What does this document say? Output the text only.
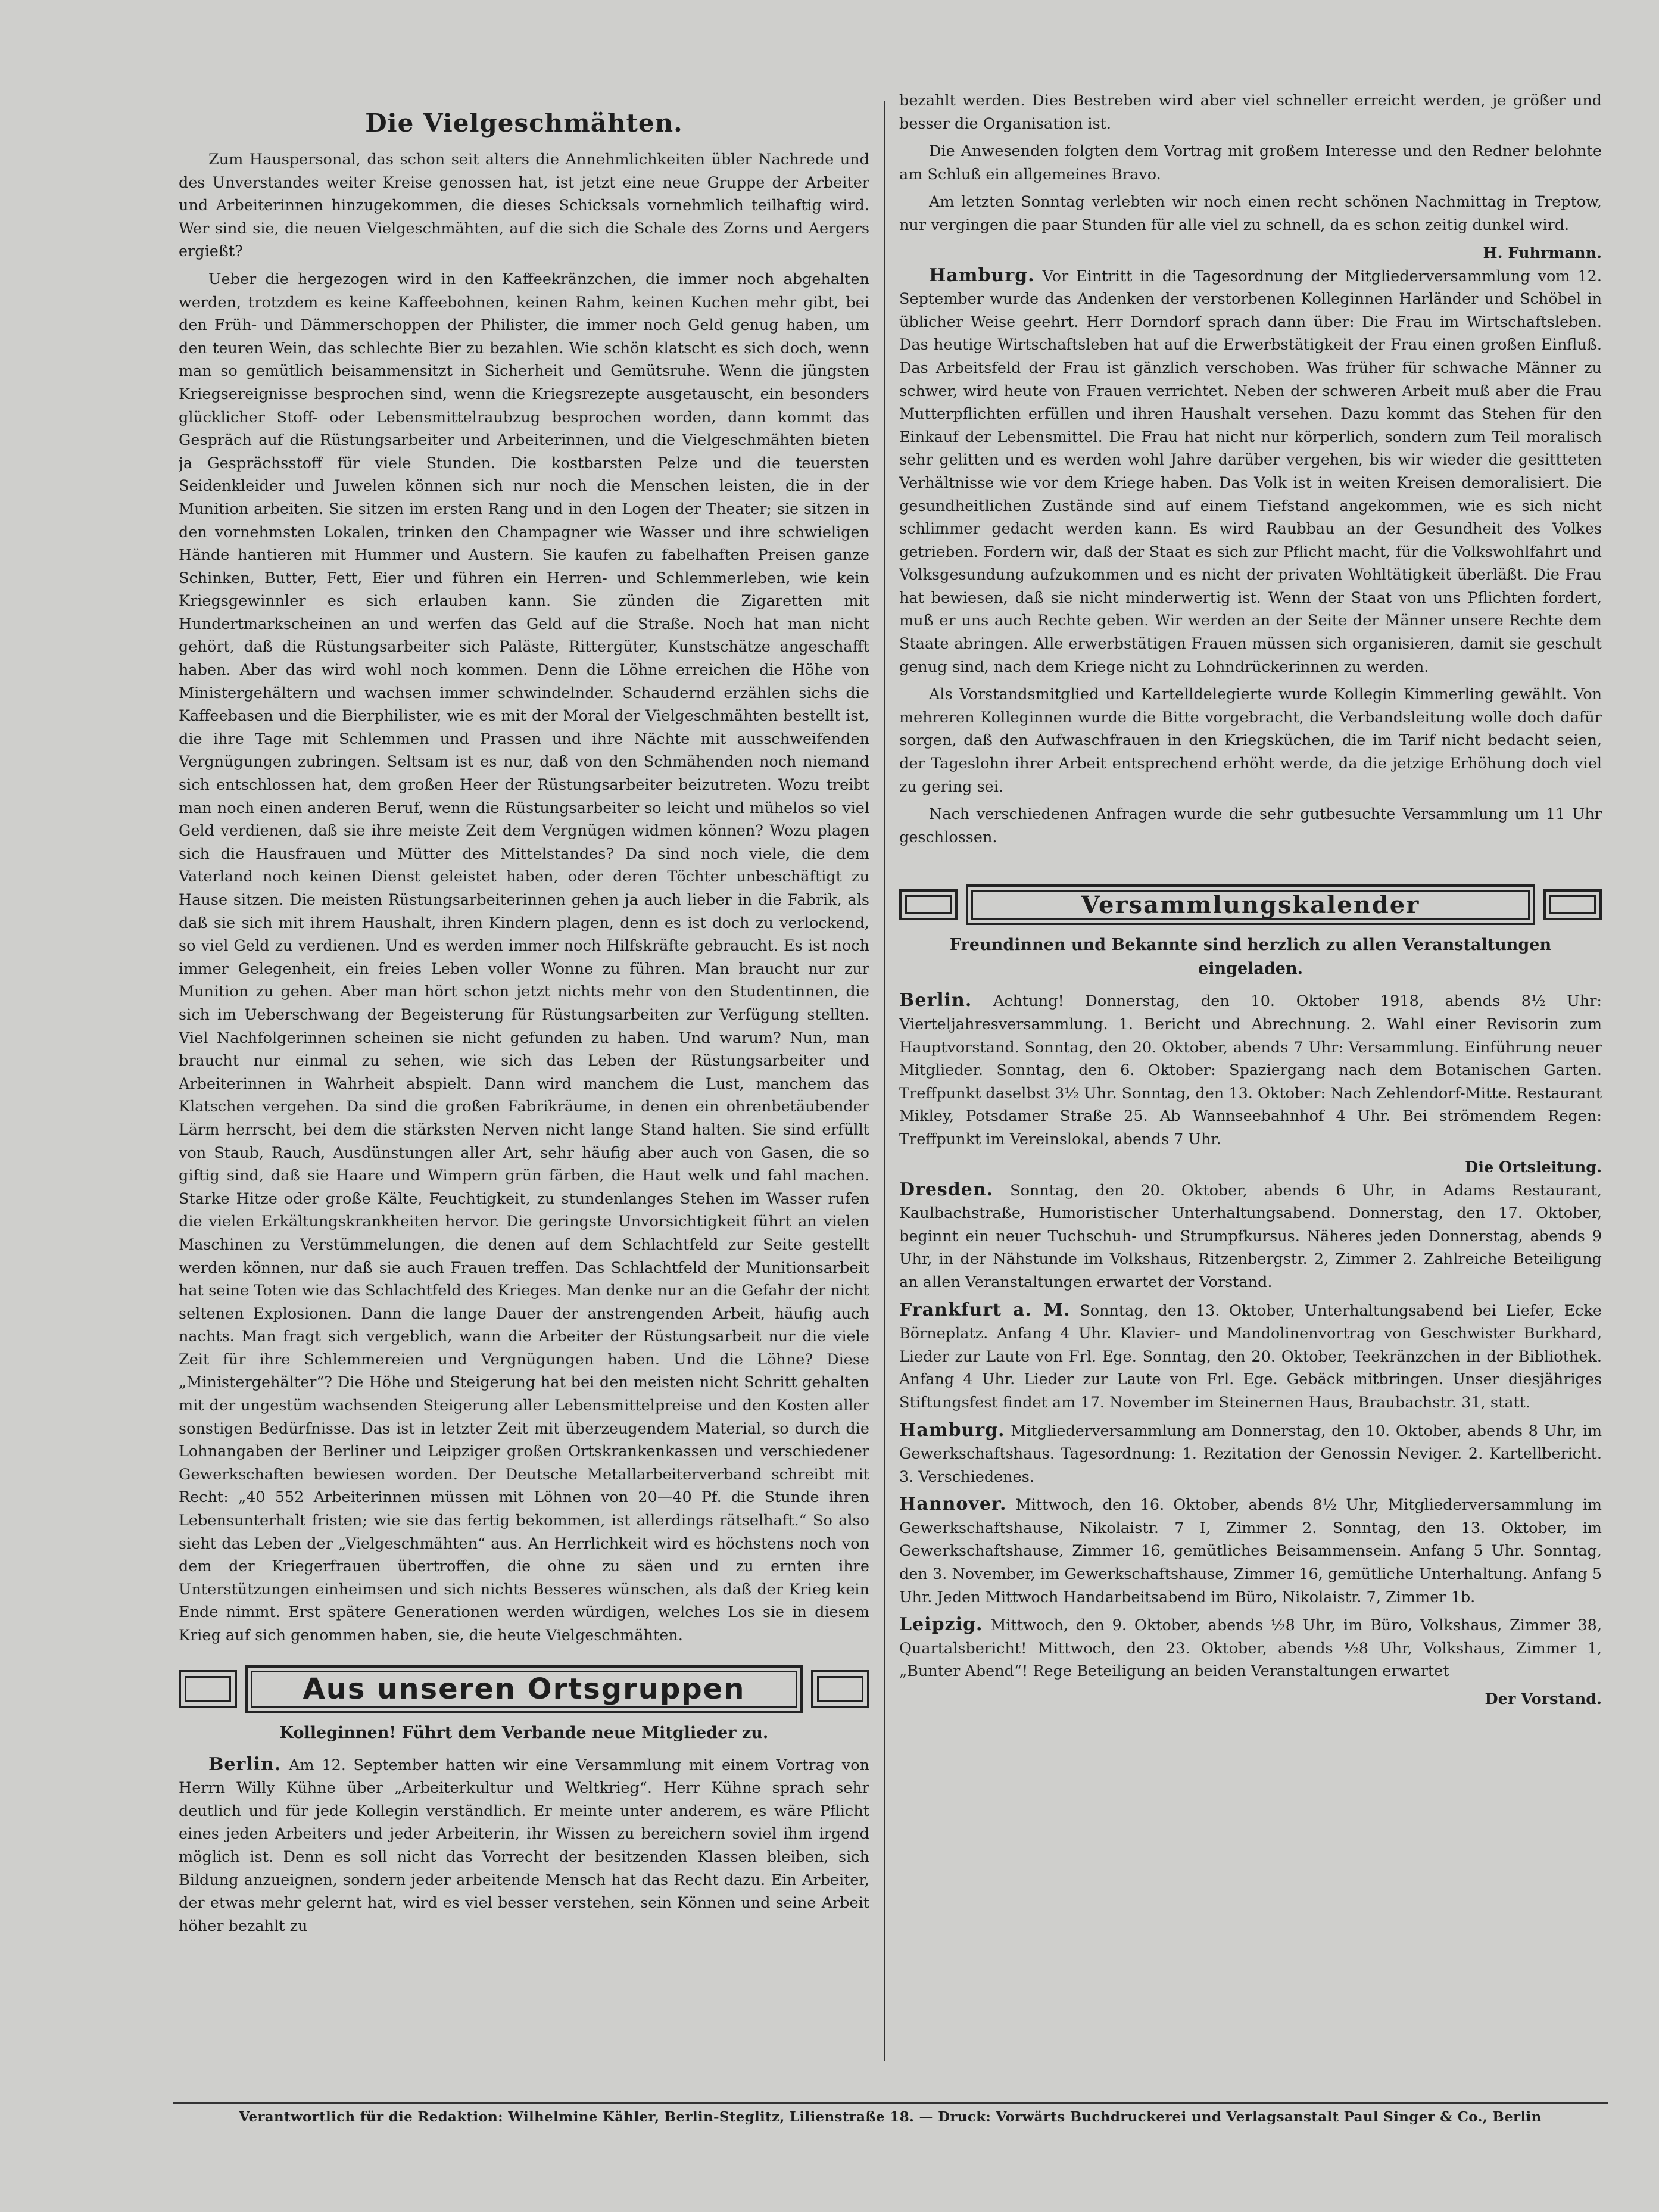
Die Vielgeschmähten.

Zum Hauspersonal, das schon seit alters die Annehmlichkeiten übler Nachrede und des Unverstandes weiter Kreise genossen hat, ist jetzt eine neue Gruppe der Arbeiter und Arbeiterinnen hinzugekommen, die dieses Schicksals vornehmlich teilhaftig wird. Wer sind sie, die neuen Vielgeschmähten, auf die sich die Schale des Zorns und Aergers ergießt?

Ueber die hergezogen wird in den Kaffeekränzchen, die immer noch abgehalten werden, trotzdem es keine Kaffeebohnen, keinen Rahm, keinen Kuchen mehr gibt, bei den Früh- und Dämmerschoppen der Philister, die immer noch Geld genug haben, um den teuren Wein, das schlechte Bier zu bezahlen. Wie schön klatscht es sich doch, wenn man so gemütlich beisammensitzt in Sicherheit und Gemütsruhe. Wenn die jüngsten Kriegsereignisse besprochen sind, wenn die Kriegsrezepte ausgetauscht, ein besonders glücklicher Stoff- oder Lebensmittelraubzug besprochen worden, dann kommt das Gespräch auf die Rüstungsarbeiter und Arbeiterinnen, und die Vielgeschmähten bieten ja Gesprächsstoff für viele Stunden. Die kostbarsten Pelze und die teuersten Seidenkleider und Juwelen können sich nur noch die Menschen leisten, die in der Munition arbeiten. Sie sitzen im ersten Rang und in den Logen der Theater; sie sitzen in den vornehmsten Lokalen, trinken den Champagner wie Wasser und ihre schwieligen Hände hantieren mit Hummer und Austern. Sie kaufen zu fabelhaften Preisen ganze Schinken, Butter, Fett, Eier und führen ein Herren- und Schlemmerleben, wie kein Kriegsgewinnler es sich erlauben kann. Sie zünden die Zigaretten mit Hundertmarkscheinen an und werfen das Geld auf die Straße. Noch hat man nicht gehört, daß die Rüstungsarbeiter sich Paläste, Rittergüter, Kunstschätze angeschafft haben. Aber das wird wohl noch kommen. Denn die Löhne erreichen die Höhe von Ministergehältern und wachsen immer schwindelnder. Schaudernd erzählen sichs die Kaffeebasen und die Bierphilister, wie es mit der Moral der Vielgeschmähten bestellt ist, die ihre Tage mit Schlemmen und Prassen und ihre Nächte mit ausschweifenden Vergnügungen zubringen. Seltsam ist es nur, daß von den Schmähenden noch niemand sich entschlossen hat, dem großen Heer der Rüstungsarbeiter beizutreten. Wozu treibt man noch einen anderen Beruf, wenn die Rüstungsarbeiter so leicht und mühelos so viel Geld verdienen, daß sie ihre meiste Zeit dem Vergnügen widmen können? Wozu plagen sich die Hausfrauen und Mütter des Mittelstandes? Da sind noch viele, die dem Vaterland noch keinen Dienst geleistet haben, oder deren Töchter unbeschäftigt zu Hause sitzen. Die meisten Rüstungsarbeiterinnen gehen ja auch lieber in die Fabrik, als daß sie sich mit ihrem Haushalt, ihren Kindern plagen, denn es ist doch zu verlockend, so viel Geld zu verdienen. Und es werden immer noch Hilfskräfte gebraucht. Es ist noch immer Gelegenheit, ein freies Leben voller Wonne zu führen. Man braucht nur zur Munition zu gehen. Aber man hört schon jetzt nichts mehr von den Studentinnen, die sich im Ueberschwang der Begeisterung für Rüstungsarbeiten zur Verfügung stellten. Viel Nachfolgerinnen scheinen sie nicht gefunden zu haben. Und warum? Nun, man braucht nur einmal zu sehen, wie sich das Leben der Rüstungsarbeiter und Arbeiterinnen in Wahrheit abspielt. Dann wird manchem die Lust, manchem das Klatschen vergehen. Da sind die großen Fabrikräume, in denen ein ohrenbetäubender Lärm herrscht, bei dem die stärksten Nerven nicht lange Stand halten. Sie sind erfüllt von Staub, Rauch, Ausdünstungen aller Art, sehr häufig aber auch von Gasen, die so giftig sind, daß sie Haare und Wimpern grün färben, die Haut welk und fahl machen. Starke Hitze oder große Kälte, Feuchtigkeit, zu stundenlanges Stehen im Wasser rufen die vielen Erkältungskrankheiten hervor. Die geringste Unvorsichtigkeit führt an vielen Maschinen zu Verstümmelungen, die denen auf dem Schlachtfeld zur Seite gestellt werden können, nur daß sie auch Frauen treffen. Das Schlachtfeld der Munitionsarbeit hat seine Toten wie das Schlachtfeld des Krieges. Man denke nur an die Gefahr der nicht seltenen Explosionen. Dann die lange Dauer der anstrengenden Arbeit, häufig auch nachts. Man fragt sich vergeblich, wann die Arbeiter der Rüstungsarbeit nur die viele Zeit für ihre Schlemmereien und Vergnügungen haben. Und die Löhne? Diese „Ministergehälter“? Die Höhe und Steigerung hat bei den meisten nicht Schritt gehalten mit der ungestüm wachsenden Steigerung aller Lebensmittelpreise und den Kosten aller sonstigen Bedürfnisse. Das ist in letzter Zeit mit überzeugendem Material, so durch die Lohnangaben der Berliner und Leipziger großen Ortskrankenkassen und verschiedener Gewerkschaften bewiesen worden. Der Deutsche Metallarbeiterverband schreibt mit Recht: „40 552 Arbeiterinnen müssen mit Löhnen von 20—40 Pf. die Stunde ihren Lebensunterhalt fristen; wie sie das fertig bekommen, ist allerdings rätselhaft.“ So also sieht das Leben der „Vielgeschmähten“ aus. An Herrlichkeit wird es höchstens noch von dem der Kriegerfrauen übertroffen, die ohne zu säen und zu ernten ihre Unterstützungen einheimsen und sich nichts Besseres wünschen, als daß der Krieg kein Ende nimmt. Erst spätere Generationen werden würdigen, welches Los sie in diesem Krieg auf sich genommen haben, sie, die heute Vielgeschmähten.

Aus unseren Ortsgruppen
Kolleginnen! Führt dem Verbande neue Mitglieder zu.

Berlin. Am 12. September hatten wir eine Versammlung mit einem Vortrag von Herrn Willy Kühne über „Arbeiterkultur und Weltkrieg“. Herr Kühne sprach sehr deutlich und für jede Kollegin verständlich. Er meinte unter anderem, es wäre Pflicht eines jeden Arbeiters und jeder Arbeiterin, ihr Wissen zu bereichern soviel ihm irgend möglich ist. Denn es soll nicht das Vorrecht der besitzenden Klassen bleiben, sich Bildung anzueignen, sondern jeder arbeitende Mensch hat das Recht dazu. Ein Arbeiter, der etwas mehr gelernt hat, wird es viel besser verstehen, sein Können und seine Arbeit höher bezahlt zu

bezahlt werden. Dies Bestreben wird aber viel schneller erreicht werden, je größer und besser die Organisation ist.

Die Anwesenden folgten dem Vortrag mit großem Interesse und den Redner belohnte am Schluß ein allgemeines Bravo.

Am letzten Sonntag verlebten wir noch einen recht schönen Nachmittag in Treptow, nur vergingen die paar Stunden für alle viel zu schnell, da es schon zeitig dunkel wird.

H. Fuhrmann.

Hamburg. Vor Eintritt in die Tagesordnung der Mitgliederversammlung vom 12. September wurde das Andenken der verstorbenen Kolleginnen Harländer und Schöbel in üblicher Weise geehrt. Herr Dorndorf sprach dann über: Die Frau im Wirtschaftsleben. Das heutige Wirtschaftsleben hat auf die Erwerbstätigkeit der Frau einen großen Einfluß. Das Arbeitsfeld der Frau ist gänzlich verschoben. Was früher für schwache Männer zu schwer, wird heute von Frauen verrichtet. Neben der schweren Arbeit muß aber die Frau Mutterpflichten erfüllen und ihren Haushalt versehen. Dazu kommt das Stehen für den Einkauf der Lebensmittel. Die Frau hat nicht nur körperlich, sondern zum Teil moralisch sehr gelitten und es werden wohl Jahre darüber vergehen, bis wir wieder die gesittteten Verhältnisse wie vor dem Kriege haben. Das Volk ist in weiten Kreisen demoralisiert. Die gesundheitlichen Zustände sind auf einem Tiefstand angekommen, wie es sich nicht schlimmer gedacht werden kann. Es wird Raubbau an der Gesundheit des Volkes getrieben. Fordern wir, daß der Staat es sich zur Pflicht macht, für die Volkswohlfahrt und Volksgesundung aufzukommen und es nicht der privaten Wohltätigkeit überläßt. Die Frau hat bewiesen, daß sie nicht minderwertig ist. Wenn der Staat von uns Pflichten fordert, muß er uns auch Rechte geben. Wir werden an der Seite der Männer unsere Rechte dem Staate abringen. Alle erwerbstätigen Frauen müssen sich organisieren, damit sie geschult genug sind, nach dem Kriege nicht zu Lohndrückerinnen zu werden.

Als Vorstandsmitglied und Kartelldelegierte wurde Kollegin Kimmerling gewählt. Von mehreren Kolleginnen wurde die Bitte vorgebracht, die Verbandsleitung wolle doch dafür sorgen, daß den Aufwaschfrauen in den Kriegsküchen, die im Tarif nicht bedacht seien, der Tageslohn ihrer Arbeit entsprechend erhöht werde, da die jetzige Erhöhung doch viel zu gering sei.

Nach verschiedenen Anfragen wurde die sehr gutbesuchte Versammlung um 11 Uhr geschlossen.

Versammlungskalender
Freundinnen und Bekannte sind herzlich zu allen Veranstaltungen eingeladen.

Berlin. Achtung! Donnerstag, den 10. Oktober 1918, abends 8½ Uhr: Vierteljahresversammlung. 1. Bericht und Abrechnung. 2. Wahl einer Revisorin zum Hauptvorstand. Sonntag, den 20. Oktober, abends 7 Uhr: Versammlung. Einführung neuer Mitglieder. Sonntag, den 6. Oktober: Spaziergang nach dem Botanischen Garten. Treffpunkt daselbst 3½ Uhr. Sonntag, den 13. Oktober: Nach Zehlendorf-Mitte. Restaurant Mikley, Potsdamer Straße 25. Ab Wannseebahnhof 4 Uhr. Bei strömendem Regen: Treffpunkt im Vereinslokal, abends 7 Uhr.

Die Ortsleitung.

Dresden. Sonntag, den 20. Oktober, abends 6 Uhr, in Adams Restaurant, Kaulbachstraße, Humoristischer Unterhaltungsabend. Donnerstag, den 17. Oktober, beginnt ein neuer Tuchschuh- und Strumpfkursus. Näheres jeden Donnerstag, abends 9 Uhr, in der Nähstunde im Volkshaus, Ritzenbergstr. 2, Zimmer 2. Zahlreiche Beteiligung an allen Veranstaltungen erwartet der Vorstand.

Frankfurt a. M. Sonntag, den 13. Oktober, Unterhaltungsabend bei Liefer, Ecke Börneplatz. Anfang 4 Uhr. Klavier- und Mandolinenvortrag von Geschwister Burkhard, Lieder zur Laute von Frl. Ege. Sonntag, den 20. Oktober, Teekränzchen in der Bibliothek. Anfang 4 Uhr. Lieder zur Laute von Frl. Ege. Gebäck mitbringen. Unser diesjähriges Stiftungsfest findet am 17. November im Steinernen Haus, Braubachstr. 31, statt.

Hamburg. Mitgliederversammlung am Donnerstag, den 10. Oktober, abends 8 Uhr, im Gewerkschaftshaus. Tagesordnung: 1. Rezitation der Genossin Neviger. 2. Kartellbericht. 3. Verschiedenes.

Hannover. Mittwoch, den 16. Oktober, abends 8½ Uhr, Mitgliederversammlung im Gewerkschaftshause, Nikolaistr. 7 I, Zimmer 2. Sonntag, den 13. Oktober, im Gewerkschaftshause, Zimmer 16, gemütliches Beisammensein. Anfang 5 Uhr. Sonntag, den 3. November, im Gewerkschaftshause, Zimmer 16, gemütliche Unterhaltung. Anfang 5 Uhr. Jeden Mittwoch Handarbeitsabend im Büro, Nikolaistr. 7, Zimmer 1b.

Leipzig. Mittwoch, den 9. Oktober, abends ½8 Uhr, im Büro, Volkshaus, Zimmer 38, Quartalsbericht! Mittwoch, den 23. Oktober, abends ½8 Uhr, Volkshaus, Zimmer 1, „Bunter Abend“! Rege Beteiligung an beiden Veranstaltungen erwartet

Der Vorstand.
Verantwortlich für die Redaktion: Wilhelmine Kähler, Berlin-Steglitz, Lilienstraße 18. — Druck: Vorwärts Buchdruckerei und Verlagsanstalt Paul Singer & Co., Berlin
